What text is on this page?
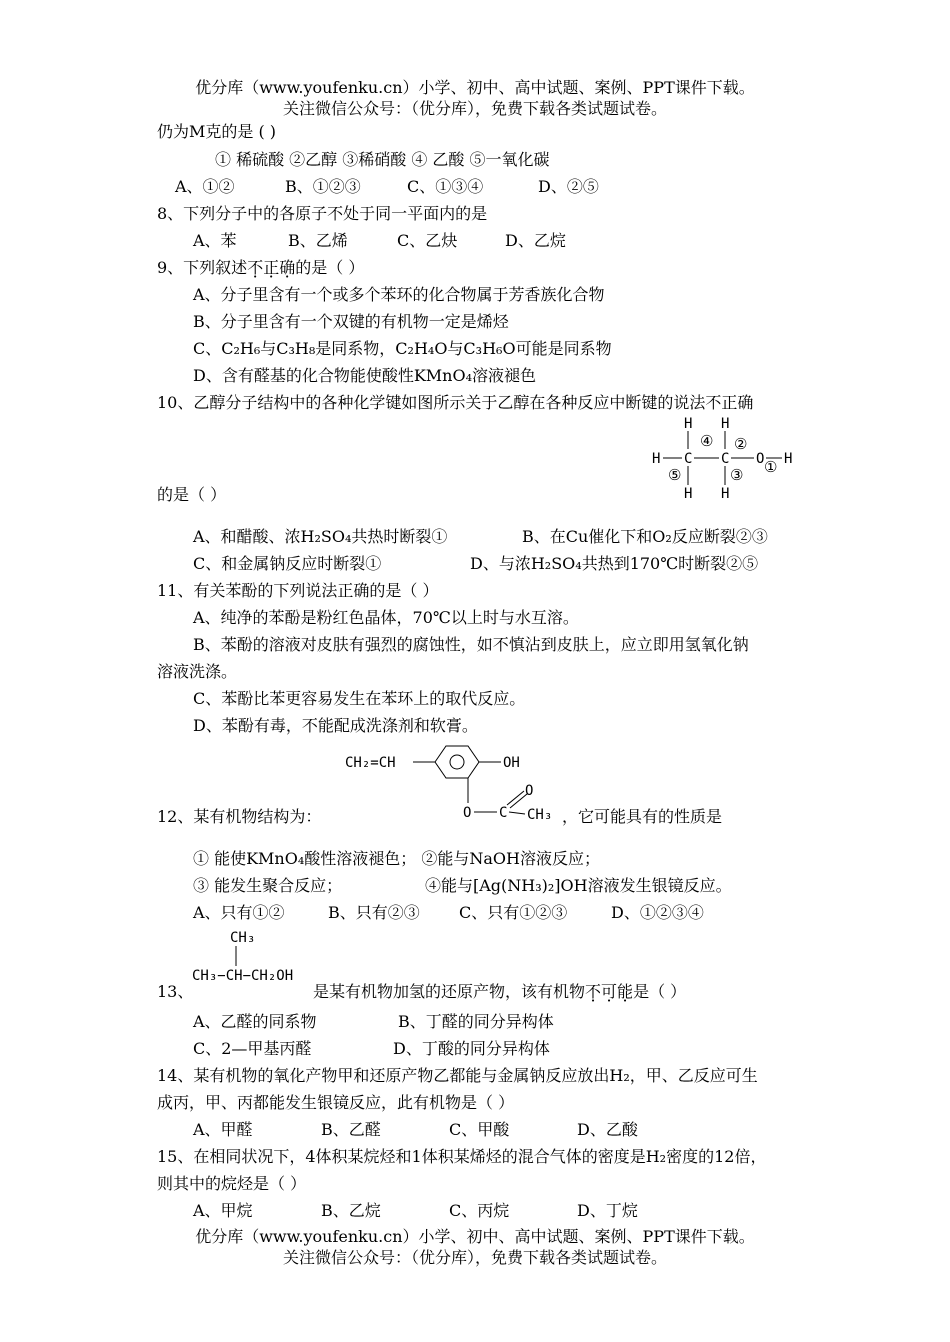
优分库（www.youfenku.cn）小学、初中、高中试题、案例、PPT课件下载。
关注微信公众号：（优分库），免费下载各类试题试卷。
仍为M克的是 ( )
① 稀硫酸 ②乙醇 ③稀硝酸 ④ 乙酸 ⑤一氧化碳
A、①②	B、①②③	C、①③④	D、②⑤
8、下列分子中的各原子不处于同一平面内的是
A、苯	B、乙烯	C、乙炔	D、乙烷
9、下列叙述不正确的是（ ）
A、分子里含有一个或多个苯环的化合物属于芳香族化合物
B、分子里含有一个双键的有机物一定是烯烃
C、C₂H₆与C₃H₈是同系物，C₂H₄O与C₃H₆O可能是同系物
D、含有醛基的化合物能使酸性KMnO₄溶液褪色
10、乙醇分子结构中的各种化学键如图所示关于乙醇在各种反应中断键的说法不正确
H H
H C C O H
H H
④ ②
③
⑤	①
的是（ ）
A、和醋酸、浓H₂SO₄共热时断裂①	B、在Cu催化下和O₂反应断裂②③
C、和金属钠反应时断裂①	D、与浓H₂SO₄共热到170℃时断裂②⑤
11、有关苯酚的下列说法正确的是（ ）
A、纯净的苯酚是粉红色晶体，70℃以上时与水互溶。
B、苯酚的溶液对皮肤有强烈的腐蚀性，如不慎沾到皮肤上，应立即用氢氧化钠
溶液洗涤。
C、苯酚比苯更容易发生在苯环上的取代反应。
D、苯酚有毒，不能配成洗涤剂和软膏。
CH₂=CH	OH
O C
O
CH₃
12、某有机物结构为：	，它可能具有的性质是
① 能使KMnO₄酸性溶液褪色； ②能与NaOH溶液反应；
③ 能发生聚合反应；	④能与[Ag(NH₃)₂]OH溶液发生银镜反应。
A、只有①②	B、只有②③ C、只有①②③	D、①②③④
CH₃
CH₃−CH−CH₂OH
13、	是某有机物加氢的还原产物，该有机物不可能是（ ）
A、乙醛的同系物	B、丁醛的同分异构体
C、2—甲基丙醛	D、丁酸的同分异构体
14、某有机物的氧化产物甲和还原产物乙都能与金属钠反应放出H₂，甲、乙反应可生
成丙，甲、丙都能发生银镜反应，此有机物是（ ）
A、甲醛	B、乙醛	C、甲酸	D、乙酸
15、在相同状况下，4体积某烷烃和1体积某烯烃的混合气体的密度是H₂密度的12倍，
则其中的烷烃是（ ）
A、甲烷	B、乙烷	C、丙烷	D、丁烷
优分库（www.youfenku.cn）小学、初中、高中试题、案例、PPT课件下载。
关注微信公众号：（优分库），免费下载各类试题试卷。
